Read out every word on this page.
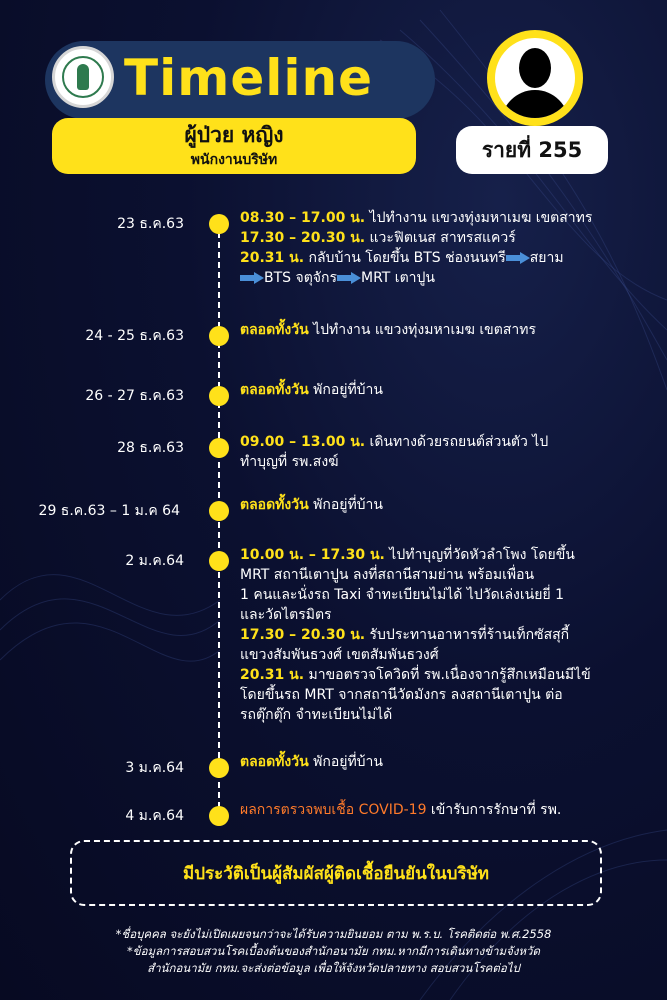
Timeline
ผู้ป่วย หญิง
พนักงานบริษัท	รายที่ 255
23 ธ.ค.63	08.30 – 17.00 น. ไปทำงาน แขวงทุ่งมหาเมฆ เขตสาทร
17.30 – 20.30 น. แวะฟิตเนส สาทรสแควร์
20.31 น. กลับบ้าน โดยขึ้น BTS ช่องนนทรี สยาม
BTS จตุจักร MRT เตาปูน
24 - 25 ธ.ค.63	ตลอดทั้งวัน ไปทำงาน แขวงทุ่งมหาเมฆ เขตสาทร
26 - 27 ธ.ค.63	ตลอดทั้งวัน พักอยู่ที่บ้าน
28 ธ.ค.63	09.00 – 13.00 น. เดินทางด้วยรถยนต์ส่วนตัว ไป
ทำบุญที่ รพ.สงฆ์
29 ธ.ค.63 – 1 ม.ค 64	ตลอดทั้งวัน พักอยู่ที่บ้าน
2 ม.ค.64	10.00 น. – 17.30 น. ไปทำบุญที่วัดหัวลำโพง โดยขึ้น
MRT สถานีเตาปูน ลงที่สถานีสามย่าน พร้อมเพื่อน
1 คนและนั่งรถ Taxi จำทะเบียนไม่ได้ ไปวัดเล่งเน่ยยี่ 1
และวัดไตรมิตร
17.30 – 20.30 น. รับประทานอาหารที่ร้านเท็กซัสสุกี้
แขวงสัมพันธวงศ์ เขตสัมพันธวงศ์
20.31 น. มาขอตรวจโควิดที่ รพ.เนื่องจากรู้สึกเหมือนมีไข้
โดยขึ้นรถ MRT จากสถานีวัดมังกร ลงสถานีเตาปูน ต่อ
รถตุ๊กตุ๊ก จำทะเบียนไม่ได้
3 ม.ค.64	ตลอดทั้งวัน พักอยู่ที่บ้าน
4 ม.ค.64	ผลการตรวจพบเชื้อ COVID-19 เข้ารับการรักษาที่ รพ.
มีประวัติเป็นผู้สัมผัสผู้ติดเชื้อยืนยันในบริษัท
*ชื่อบุคคล จะยังไม่เปิดเผยจนกว่าจะได้รับความยินยอม ตาม พ.ร.บ. โรคติดต่อ พ.ศ.2558
*ข้อมูลการสอบสวนโรคเบื้องต้นของสำนักอนามัย กทม.หากมีการเดินทางข้ามจังหวัด
สำนักอนามัย กทม.จะส่งต่อข้อมูล เพื่อให้จังหวัดปลายทาง สอบสวนโรคต่อไป
